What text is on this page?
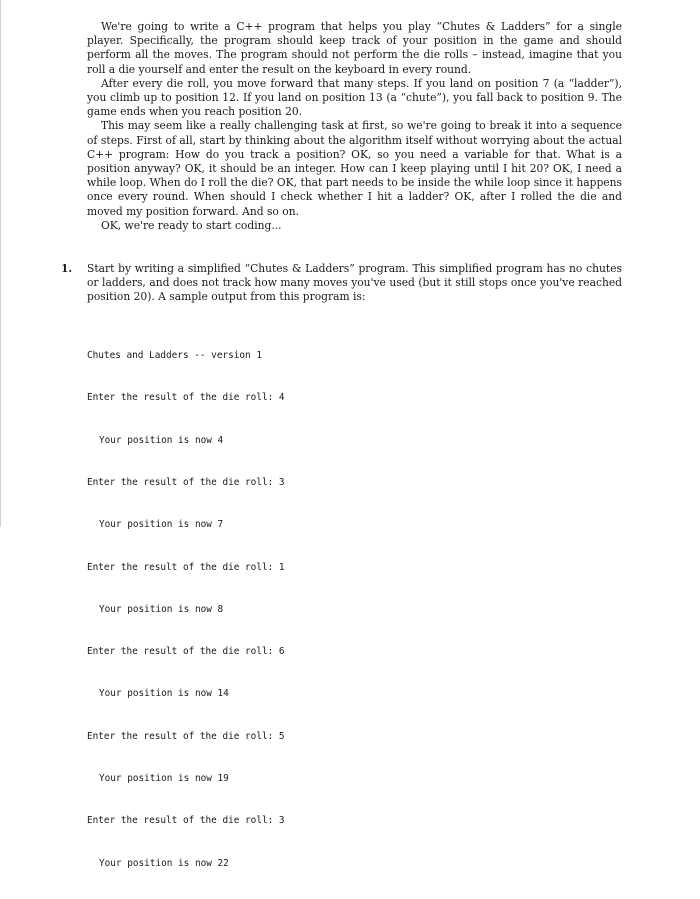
We're going to write a C++ program that helps you play “Chutes & Ladders” for a single player. Specifically, the program should keep track of your position in the game and should perform all the moves. The program should not perform the die rolls – instead, imagine that you roll a die yourself and enter the result on the keyboard in every round.

After every die roll, you move forward that many steps. If you land on position 7 (a “ladder”), you climb up to position 12. If you land on position 13 (a “chute”), you fall back to position 9. The game ends when you reach position 20.

This may seem like a really challenging task at first, so we're going to break it into a sequence of steps. First of all, start by thinking about the algorithm itself without worrying about the actual C++ program: How do you track a position? OK, so you need a variable for that. What is a position anyway? OK, it should be an integer. How can I keep playing until I hit 20? OK, I need a while loop. When do I roll the die? OK, that part needs to be inside the while loop since it happens once every round. When should I check whether I hit a ladder? OK, after I rolled the die and moved my position forward. And so on.

OK, we're ready to start coding...

1. Start by writing a simplified “Chutes & Ladders” program. This simplified program has no chutes or ladders, and does not track how many moves you've used (but it still stops once you've reached position 20). A sample output from this program is:

Chutes and Ladders -- version 1

Enter the result of the die roll: 4

Your position is now 4

Enter the result of the die roll: 3

Your position is now 7

Enter the result of the die roll: 1

Your position is now 8

Enter the result of the die roll: 6

Your position is now 14

Enter the result of the die roll: 5

Your position is now 19

Enter the result of the die roll: 3

Your position is now 22
